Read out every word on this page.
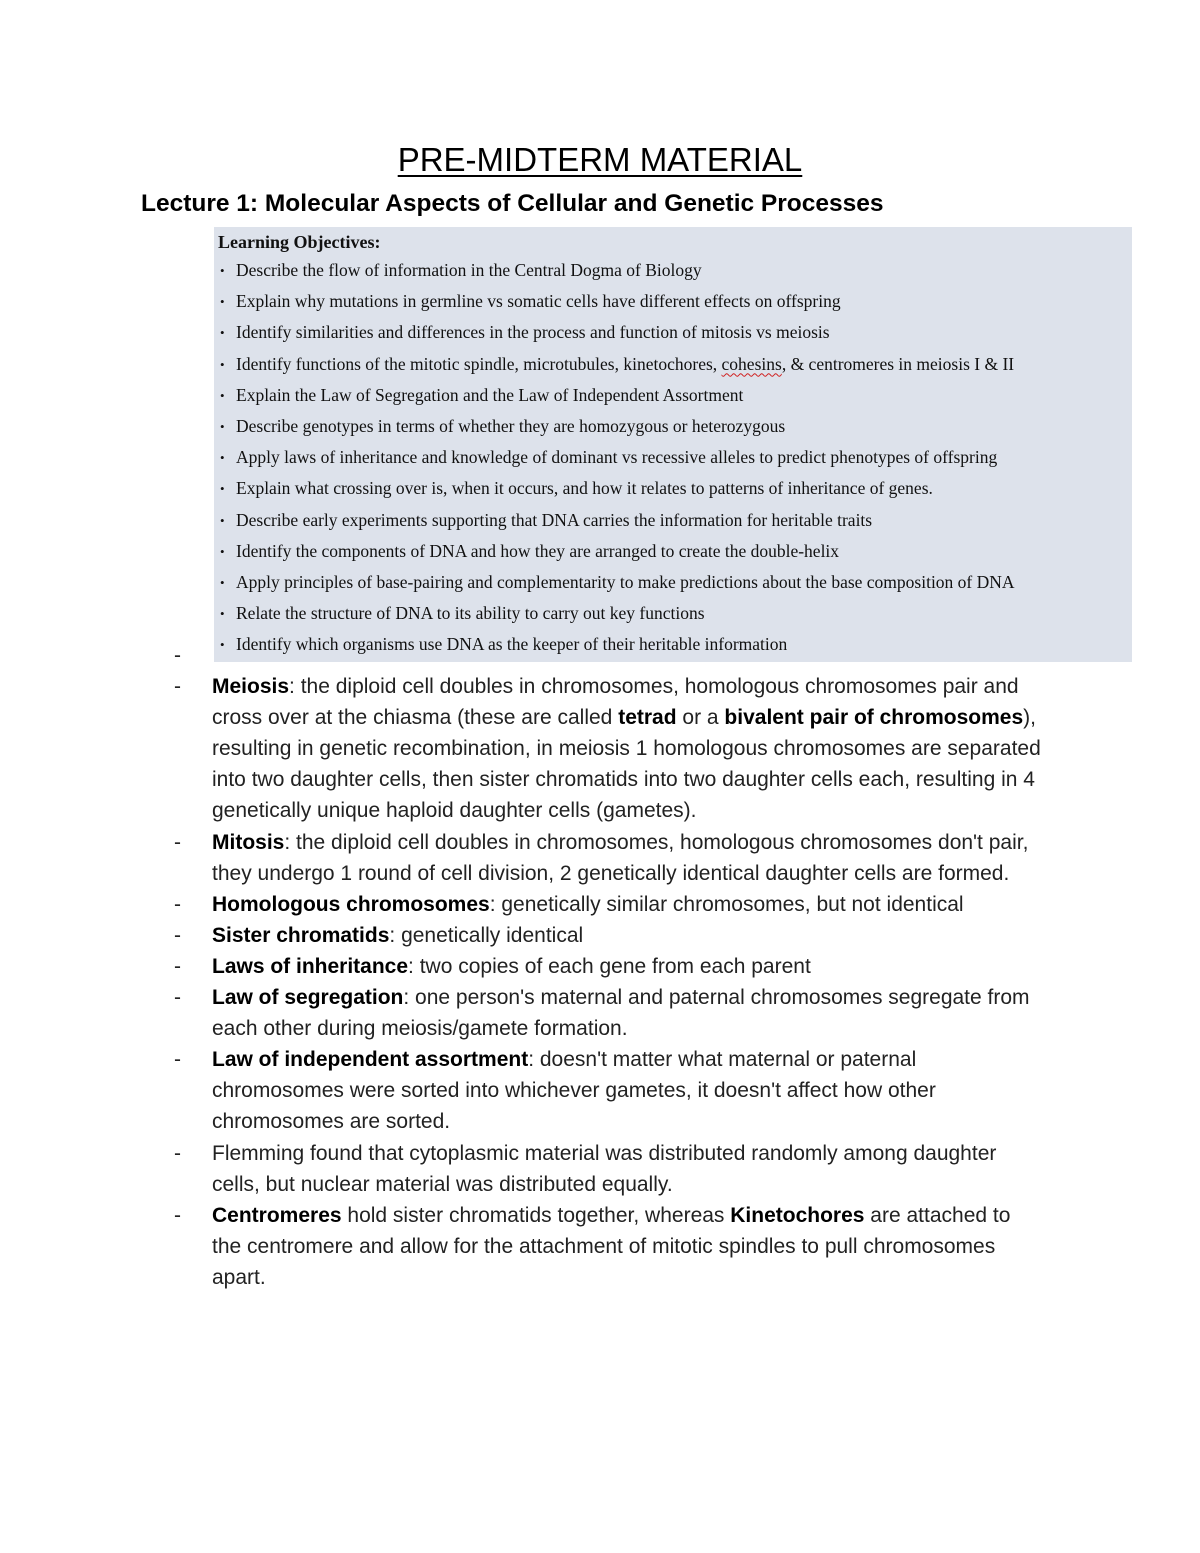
PRE-MIDTERM MATERIAL
Lecture 1: Molecular Aspects of Cellular and Genetic Processes

Learning Objectives:

• Describe the flow of information in the Central Dogma of Biology
• Explain why mutations in germline vs somatic cells have different effects on offspring
• Identify similarities and differences in the process and function of mitosis vs meiosis
• Identify functions of the mitotic spindle, microtubules, kinetochores, cohesins, & centromeres in meiosis I & II
• Explain the Law of Segregation and the Law of Independent Assortment
• Describe genotypes in terms of whether they are homozygous or heterozygous
• Apply laws of inheritance and knowledge of dominant vs recessive alleles to predict phenotypes of offspring
• Explain what crossing over is, when it occurs, and how it relates to patterns of inheritance of genes.
• Describe early experiments supporting that DNA carries the information for heritable traits
• Identify the components of DNA and how they are arranged to create the double-helix
• Apply principles of base-pairing and complementarity to make predictions about the base composition of DNA
• Relate the structure of DNA to its ability to carry out key functions
• Identify which organisms use DNA as the keeper of their heritable information

-

- Meiosis: the diploid cell doubles in chromosomes, homologous chromosomes pair and cross over at the chiasma (these are called tetrad or a bivalent pair of chromosomes), resulting in genetic recombination, in meiosis 1 homologous chromosomes are separated into two daughter cells, then sister chromatids into two daughter cells each, resulting in 4 genetically unique haploid daughter cells (gametes).

- Mitosis: the diploid cell doubles in chromosomes, homologous chromosomes don't pair, they undergo 1 round of cell division, 2 genetically identical daughter cells are formed.

- Homologous chromosomes: genetically similar chromosomes, but not identical

- Sister chromatids: genetically identical

- Laws of inheritance: two copies of each gene from each parent

- Law of segregation: one person's maternal and paternal chromosomes segregate from each other during meiosis/gamete formation.

- Law of independent assortment: doesn't matter what maternal or paternal chromosomes were sorted into whichever gametes, it doesn't affect how other chromosomes are sorted.

- Flemming found that cytoplasmic material was distributed randomly among daughter cells, but nuclear material was distributed equally.

- Centromeres hold sister chromatids together, whereas Kinetochores are attached to the centromere and allow for the attachment of mitotic spindles to pull chromosomes apart.
